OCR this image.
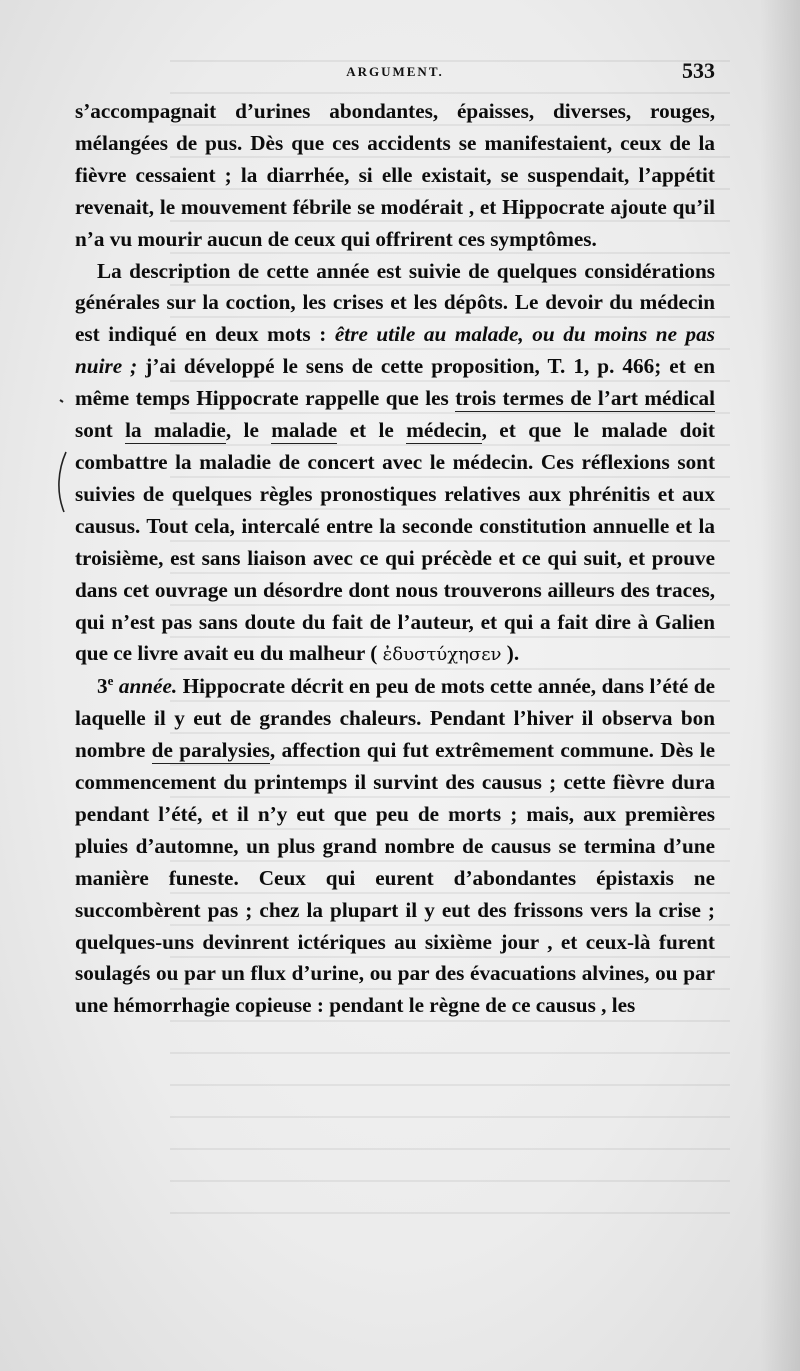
ARGUMENT.	533

s’accompagnait d’urines abondantes, épaisses, diverses, rouges, mélangées de pus. Dès que ces accidents se manifestaient, ceux de la fièvre cessaient ; la diarrhée, si elle existait, se suspendait, l’appétit revenait, le mouvement fébrile se modérait , et Hippocrate ajoute qu’il n’a vu mourir aucun de ceux qui offrirent ces symptômes.

La description de cette année est suivie de quelques considérations générales sur la coction, les crises et les dépôts. Le devoir du médecin est indiqué en deux mots : être utile au malade, ou du moins ne pas nuire ; j’ai développé le sens de cette proposition, T. 1, p. 466; et en même temps Hippocrate rappelle que les trois termes de l’art médical sont la maladie, le malade et le médecin, et que le malade doit combattre la maladie de concert avec le médecin. Ces réflexions sont suivies de quelques règles pronostiques relatives aux phrénitis et aux causus. Tout cela, intercalé entre la seconde constitution annuelle et la troisième, est sans liaison avec ce qui précède et ce qui suit, et prouve dans cet ouvrage un désordre dont nous trouverons ailleurs des traces, qui n’est pas sans doute du fait de l’auteur, et qui a fait dire à Galien que ce livre avait eu du malheur ( ἐδυστύχησεν ).

3e année. Hippocrate décrit en peu de mots cette année, dans l’été de laquelle il y eut de grandes chaleurs. Pendant l’hiver il observa bon nombre de paralysies, affection qui fut extrêmement commune. Dès le commencement du printemps il survint des causus ; cette fièvre dura pendant l’été, et il n’y eut que peu de morts ; mais, aux premières pluies d’automne, un plus grand nombre de causus se termina d’une manière funeste. Ceux qui eurent d’abondantes épistaxis ne succombèrent pas ; chez la plupart il y eut des frissons vers la crise ; quelques-uns devinrent ictériques au sixième jour , et ceux-là furent soulagés ou par un flux d’urine, ou par des évacuations alvines, ou par une hémorrhagie copieuse : pendant le règne de ce causus , les
